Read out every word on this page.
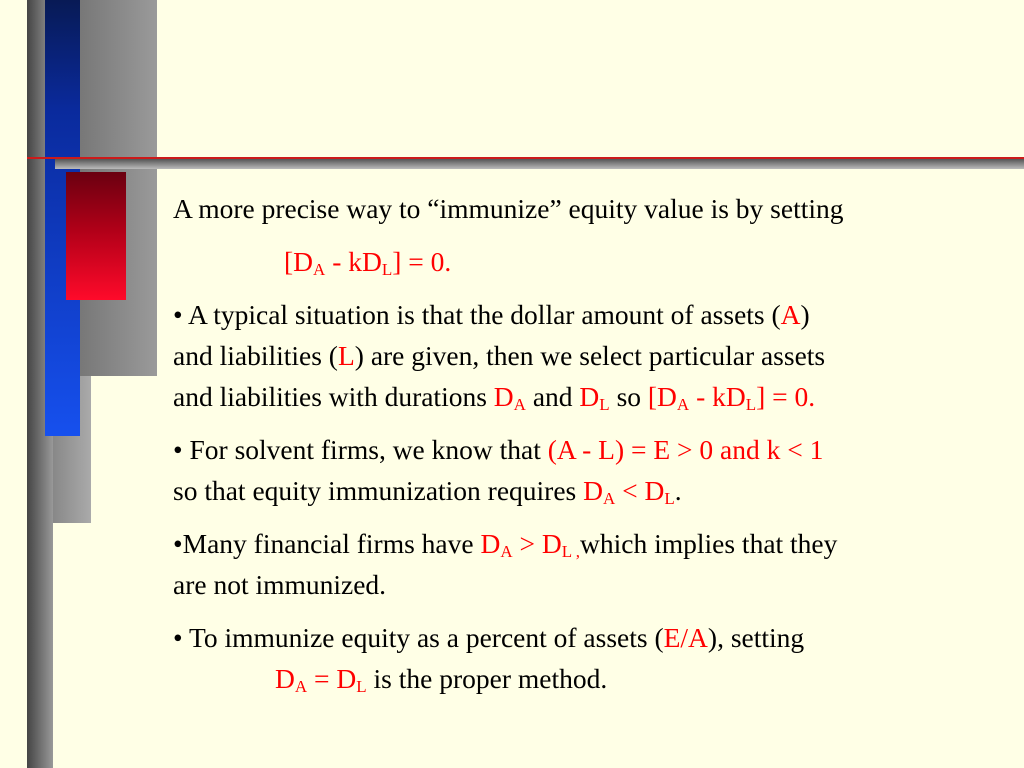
A more precise way to “immunize” equity value is by setting

$[D_A - kD_L] = 0$.

• A typical situation is that the dollar amount of assets (A)

and liabilities (L) are given, then we select particular assets

and liabilities with durations $D_A$ and $D_L$ so $[D_A - kD_L] = 0$.

• For solvent firms, we know that (A - L) = E > 0 and k < 1

so that equity immunization requires $D_A < D_L$.

•Many financial firms have $D_A$ > $D_{L ,}which$ implies that they

are not immunized.

• To immunize equity as a percent of assets (E/A), setting

$D_A = D_L$ is the proper method.
